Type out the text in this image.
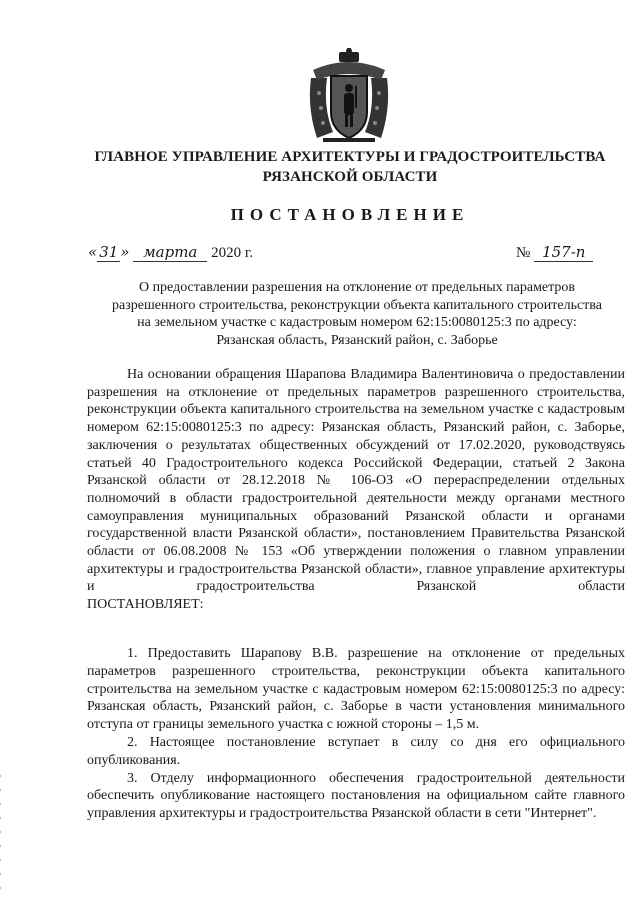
ГЛАВНОЕ УПРАВЛЕНИЕ АРХИТЕКТУРЫ И ГРАДОСТРОИТЕЛЬСТВА
РЯЗАНСКОЙ ОБЛАСТИ
ПОСТАНОВЛЕНИЕ
« 31 » марта 2020 г.	№ 157-п
О предоставлении разрешения на отклонение от предельных параметров
разрешенного строительства, реконструкции объекта капитального строительства
на земельном участке с кадастровым номером 62:15:0080125:3 по адресу:
Рязанская область, Рязанский район, с. Заборье
На основании обращения Шарапова Владимира Валентиновича о предоставлении разрешения на отклонение от предельных параметров разрешенного строительства, реконструкции объекта капитального строительства на земельном участке с кадастровым номером 62:15:0080125:3 по адресу: Рязанская область, Рязанский район, с. Заборье, заключения о результатах общественных обсуждений от 17.02.2020, руководствуясь статьей 40 Градостроительного кодекса Российской Федерации, статьей 2 Закона Рязанской области от 28.12.2018 № 106-ОЗ «О перераспределении отдельных полномочий в области градостроительной деятельности между органами местного самоуправления муниципальных образований Рязанской области и органами государственной власти Рязанской области», постановлением Правительства Рязанской области от 06.08.2008 № 153 «Об утверждении положения о главном управлении архитектуры и градостроительства Рязанской области», главное управление архитектуры и градостроительства Рязанской области
ПОСТАНОВЛЯЕТ:

1. Предоставить Шарапову В.В. разрешение на отклонение от предельных параметров разрешенного строительства, реконструкции объекта капитального строительства на земельном участке с кадастровым номером 62:15:0080125:3 по адресу: Рязанская область, Рязанский район, с. Заборье в части установления минимального отступа от границы земельного участка с южной стороны – 1,5 м.

2. Настоящее постановление вступает в силу со дня его официального опубликования.

3. Отделу информационного обеспечения градостроительной деятельности обеспечить опубликование настоящего постановления на официальном сайте главного управления архитектуры и градостроительства Рязанской области в сети "Интернет".
